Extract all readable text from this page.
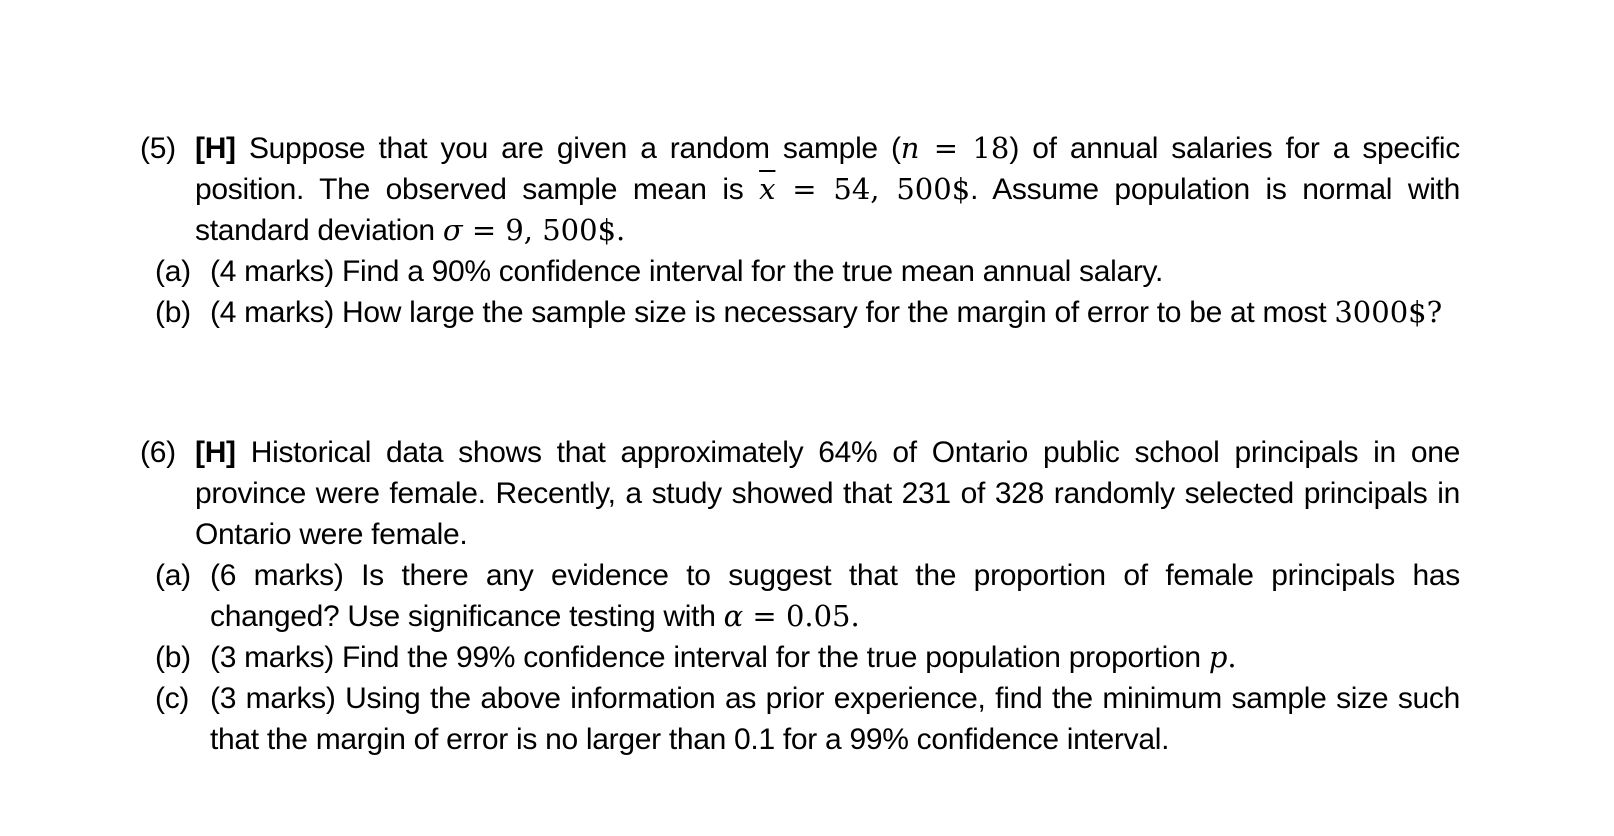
(5) [H] Suppose that you are given a random sample (n = 18) of annual salaries for a specific position. The observed sample mean is $\overline{x} = 54$, 500$. Assume population is normal with standard deviation σ = 9, 500$.
(a) (4 marks) Find a 90% confidence interval for the true mean annual salary.
(b) (4 marks) How large the sample size is necessary for the margin of error to be at most 3000$?
(6) [H] Historical data shows that approximately 64% of Ontario public school principals in one province were female. Recently, a study showed that 231 of 328 randomly selected principals in Ontario were female.
(a) (6 marks) Is there any evidence to suggest that the proportion of female principals has changed? Use significance testing with α = 0.05.
(b) (3 marks) Find the 99% confidence interval for the true population proportion p.
(c) (3 marks) Using the above information as prior experience, find the minimum sample size such that the margin of error is no larger than 0.1 for a 99% confidence interval.
